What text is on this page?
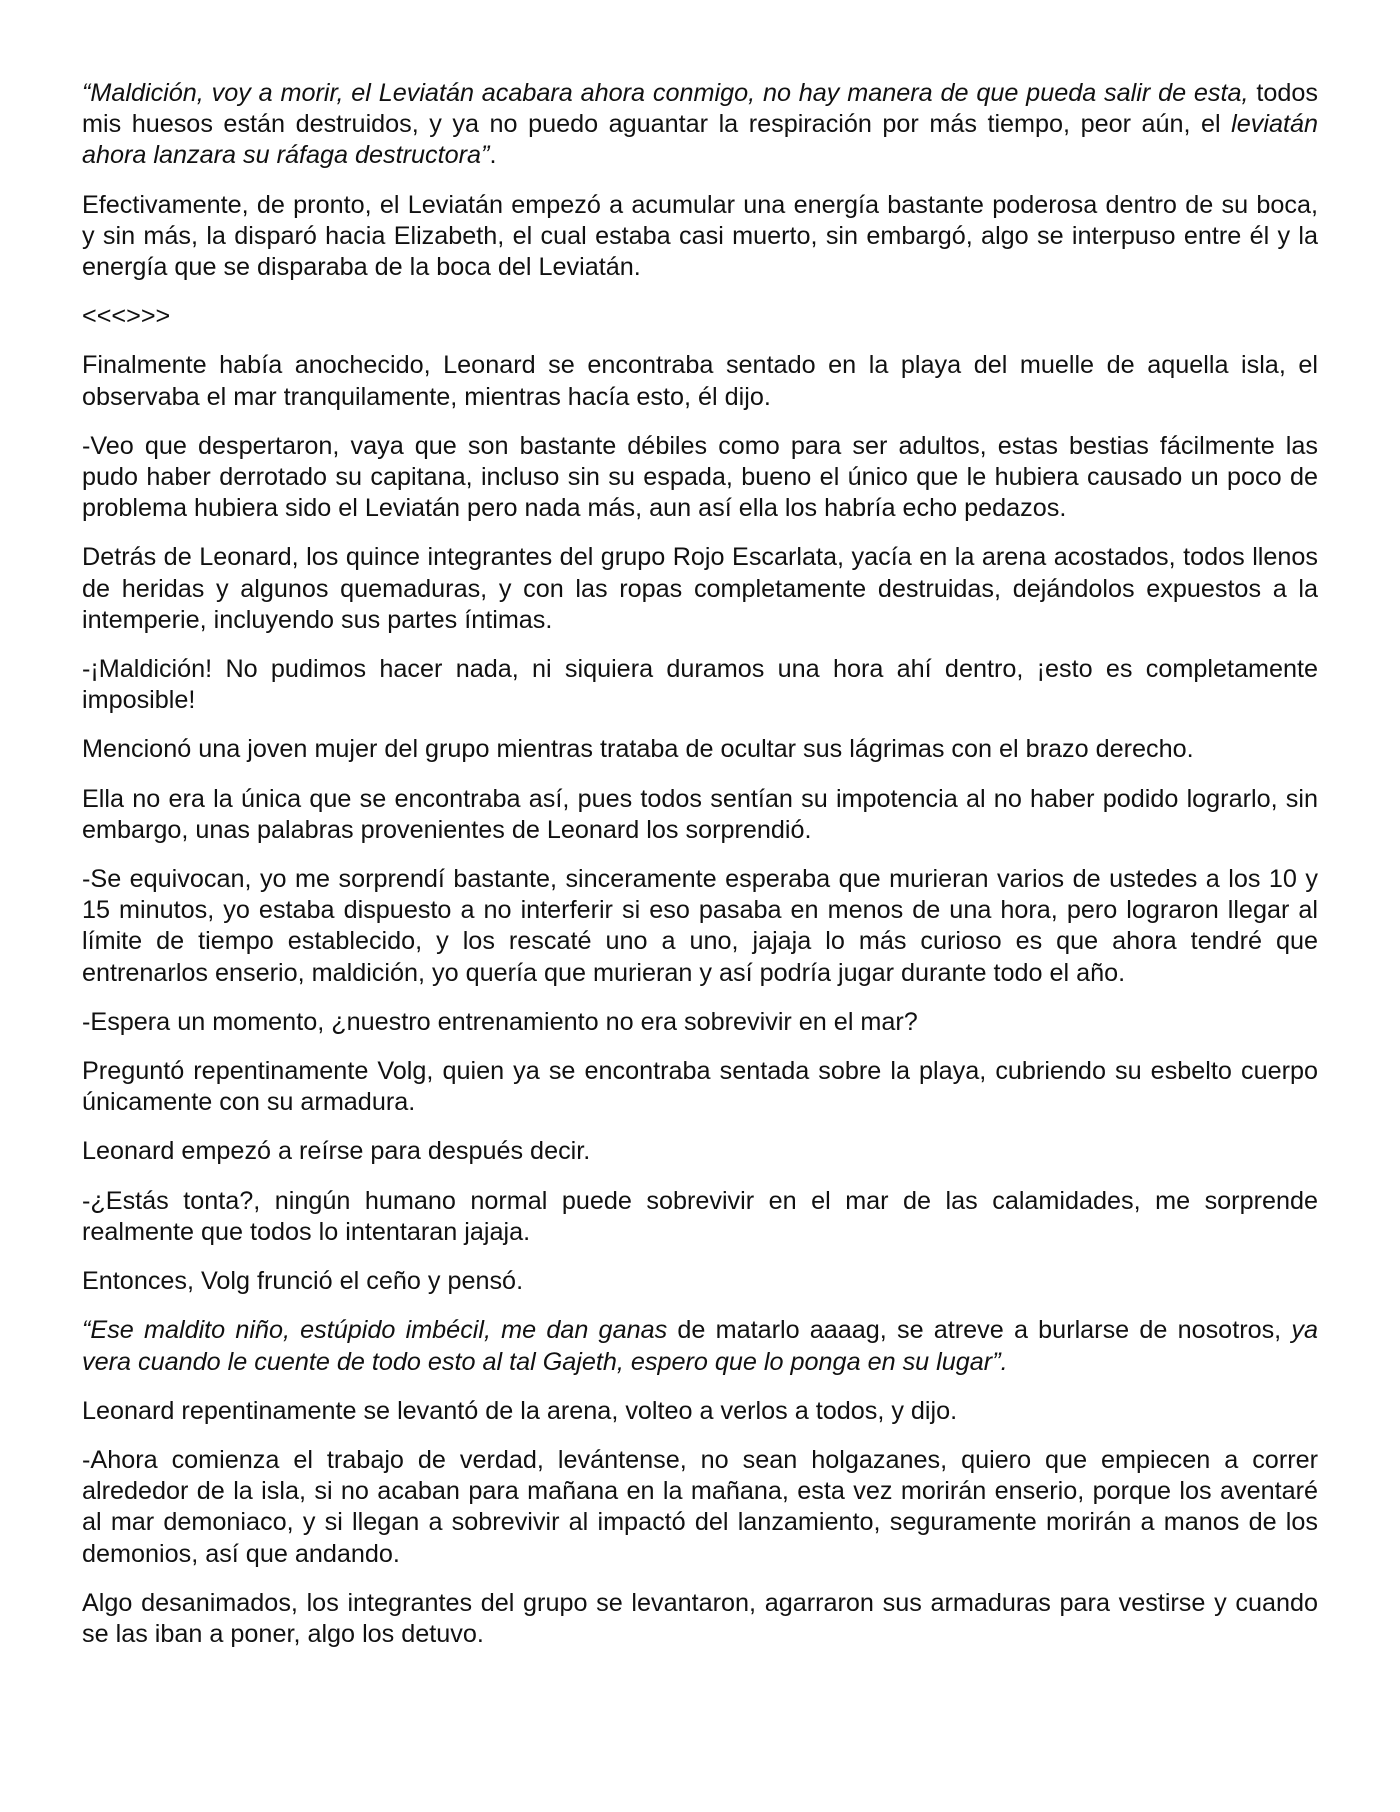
“Maldición, voy a morir, el Leviatán acabara ahora conmigo, no hay manera de que pueda salir de esta, todos mis huesos están destruidos, y ya no puedo aguantar la respiración por más tiempo, peor aún, el leviatán ahora lanzara su ráfaga destructora”.

Efectivamente, de pronto, el Leviatán empezó a acumular una energía bastante poderosa dentro de su boca, y sin más, la disparó hacia Elizabeth, el cual estaba casi muerto, sin embargó, algo se interpuso entre él y la energía que se disparaba de la boca del Leviatán.

<<<>>>

Finalmente había anochecido, Leonard se encontraba sentado en la playa del muelle de aquella isla, el observaba el mar tranquilamente, mientras hacía esto, él dijo.

-Veo que despertaron, vaya que son bastante débiles como para ser adultos, estas bestias fácilmente las pudo haber derrotado su capitana, incluso sin su espada, bueno el único que le hubiera causado un poco de problema hubiera sido el Leviatán pero nada más, aun así ella los habría echo pedazos.

Detrás de Leonard, los quince integrantes del grupo Rojo Escarlata, yacía en la arena acostados, todos llenos de heridas y algunos quemaduras, y con las ropas completamente destruidas, dejándolos expuestos a la intemperie, incluyendo sus partes íntimas.

-¡Maldición! No pudimos hacer nada, ni siquiera duramos una hora ahí dentro, ¡esto es completamente imposible!

Mencionó una joven mujer del grupo mientras trataba de ocultar sus lágrimas con el brazo derecho.

Ella no era la única que se encontraba así, pues todos sentían su impotencia al no haber podido lograrlo, sin embargo, unas palabras provenientes de Leonard los sorprendió.

-Se equivocan, yo me sorprendí bastante, sinceramente esperaba que murieran varios de ustedes a los 10 y 15 minutos, yo estaba dispuesto a no interferir si eso pasaba en menos de una hora, pero lograron llegar al límite de tiempo establecido, y los rescaté uno a uno, jajaja lo más curioso es que ahora tendré que entrenarlos enserio, maldición, yo quería que murieran y así podría jugar durante todo el año.

-Espera un momento, ¿nuestro entrenamiento no era sobrevivir en el mar?

Preguntó repentinamente Volg, quien ya se encontraba sentada sobre la playa, cubriendo su esbelto cuerpo únicamente con su armadura.

Leonard empezó a reírse para después decir.

-¿Estás tonta?, ningún humano normal puede sobrevivir en el mar de las calamidades, me sorprende realmente que todos lo intentaran jajaja.

Entonces, Volg frunció el ceño y pensó.

“Ese maldito niño, estúpido imbécil, me dan ganas de matarlo aaaag, se atreve a burlarse de nosotros, ya vera cuando le cuente de todo esto al tal Gajeth, espero que lo ponga en su lugar”.

Leonard repentinamente se levantó de la arena, volteo a verlos a todos, y dijo.

-Ahora comienza el trabajo de verdad, levántense, no sean holgazanes, quiero que empiecen a correr alrededor de la isla, si no acaban para mañana en la mañana, esta vez morirán enserio, porque los aventaré al mar demoniaco, y si llegan a sobrevivir al impactó del lanzamiento, seguramente morirán a manos de los demonios, así que andando.

Algo desanimados, los integrantes del grupo se levantaron, agarraron sus armaduras para vestirse y cuando se las iban a poner, algo los detuvo.
